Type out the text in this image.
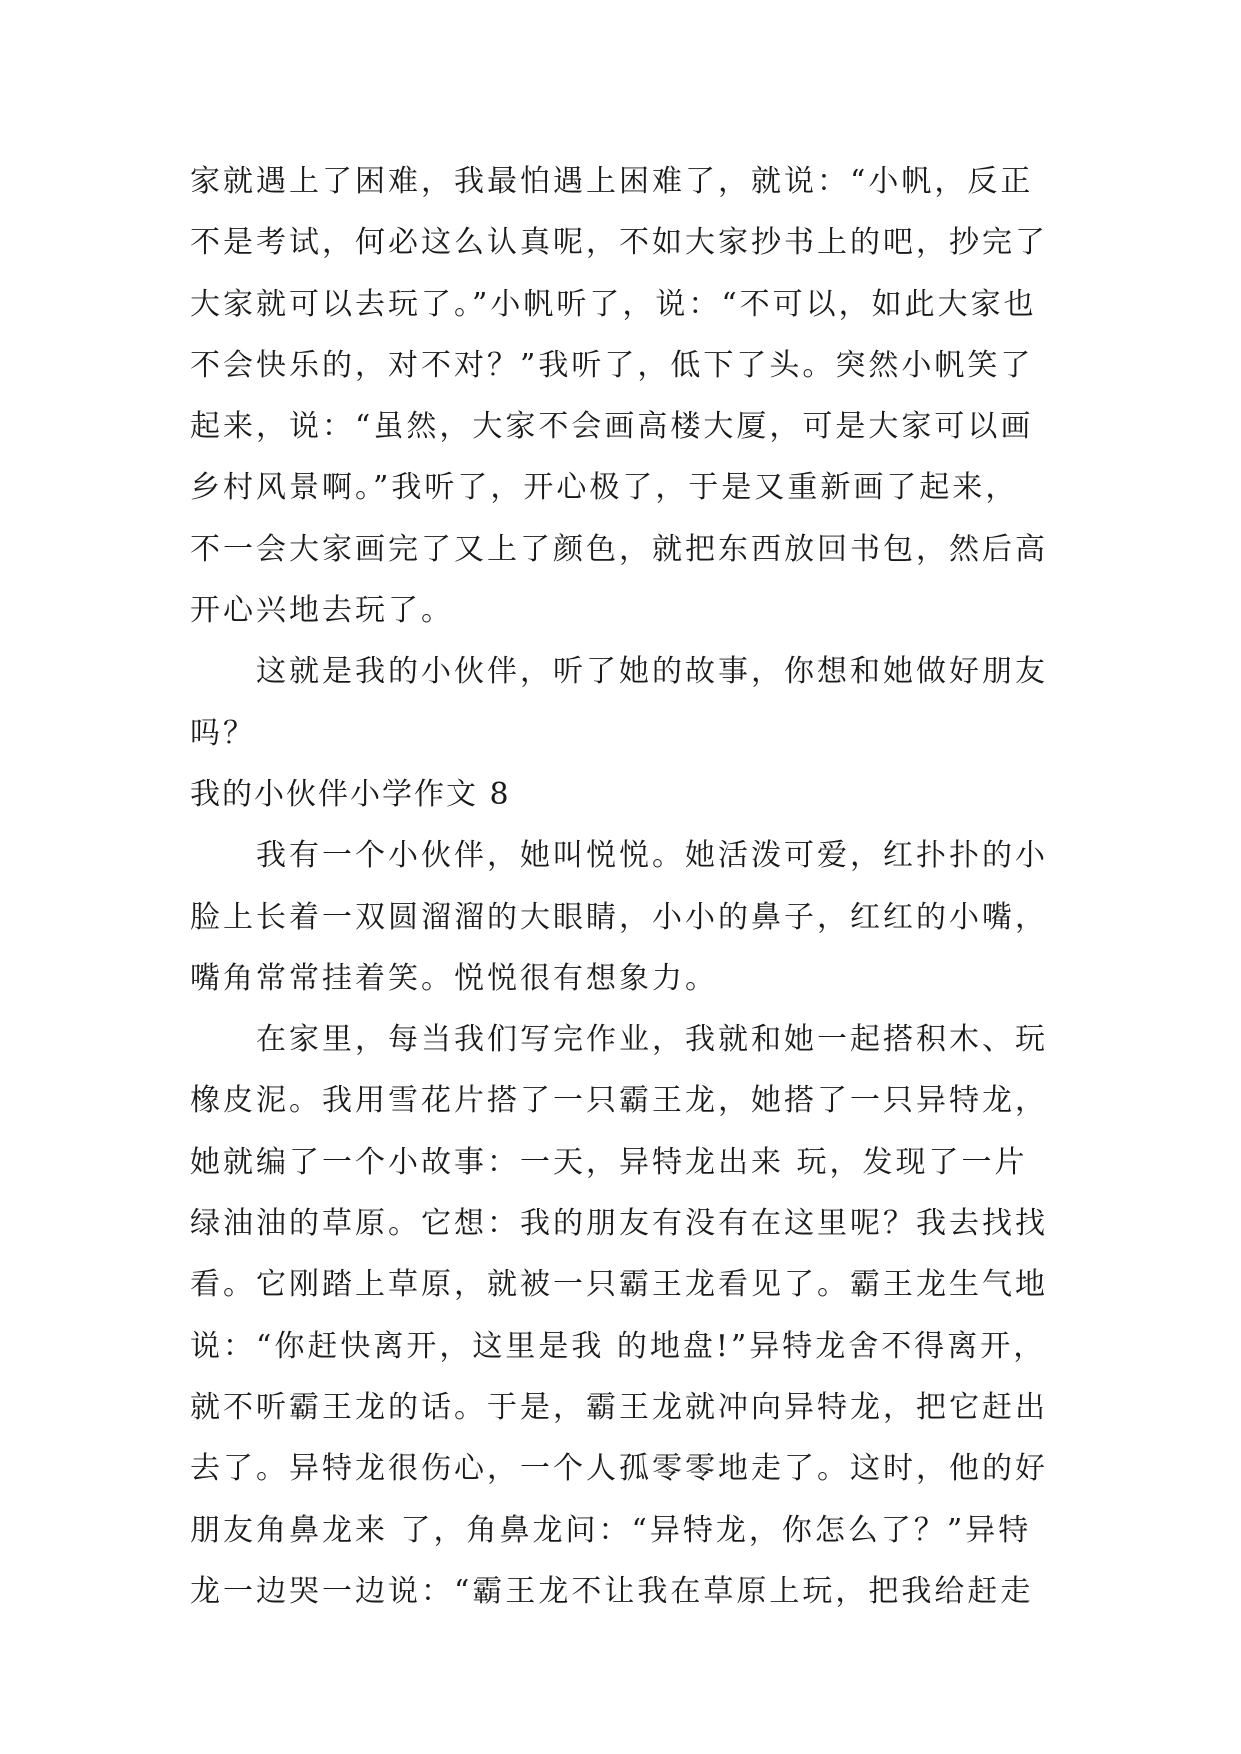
家就遇上了困难，我最怕遇上困难了，就说：“小帆，反正
不是考试，何必这么认真呢，不如大家抄书上的吧，抄完了
大家就可以去玩了。”小帆听了，说：“不可以，如此大家也
不会快乐的，对不对？”我听了，低下了头。突然小帆笑了
起来，说：“虽然，大家不会画高楼大厦，可是大家可以画
乡村风景啊。”我听了，开心极了，于是又重新画了起来，
不一会大家画完了又上了颜色，就把东西放回书包，然后高
开心兴地去玩了。
这就是我的小伙伴，听了她的故事，你想和她做好朋友
吗？
我的小伙伴小学作文 8
我有一个小伙伴，她叫悦悦。她活泼可爱，红扑扑的小
脸上长着一双圆溜溜的大眼睛，小小的鼻子，红红的小嘴，
嘴角常常挂着笑。悦悦很有想象力。
在家里，每当我们写完作业，我就和她一起搭积木、玩
橡皮泥。我用雪花片搭了一只霸王龙，她搭了一只异特龙，
她就编了一个小故事：一天，异特龙出来 玩，发现了一片
绿油油的草原。它想：我的朋友有没有在这里呢？我去找找
看。它刚踏上草原，就被一只霸王龙看见了。霸王龙生气地
说：“你赶快离开，这里是我 的地盘!”异特龙舍不得离开，
就不听霸王龙的话。于是，霸王龙就冲向异特龙，把它赶出
去了。异特龙很伤心，一个人孤零零地走了。这时，他的好
朋友角鼻龙来 了，角鼻龙问：“异特龙，你怎么了？”异特
龙一边哭一边说：“霸王龙不让我在草原上玩，把我给赶走
